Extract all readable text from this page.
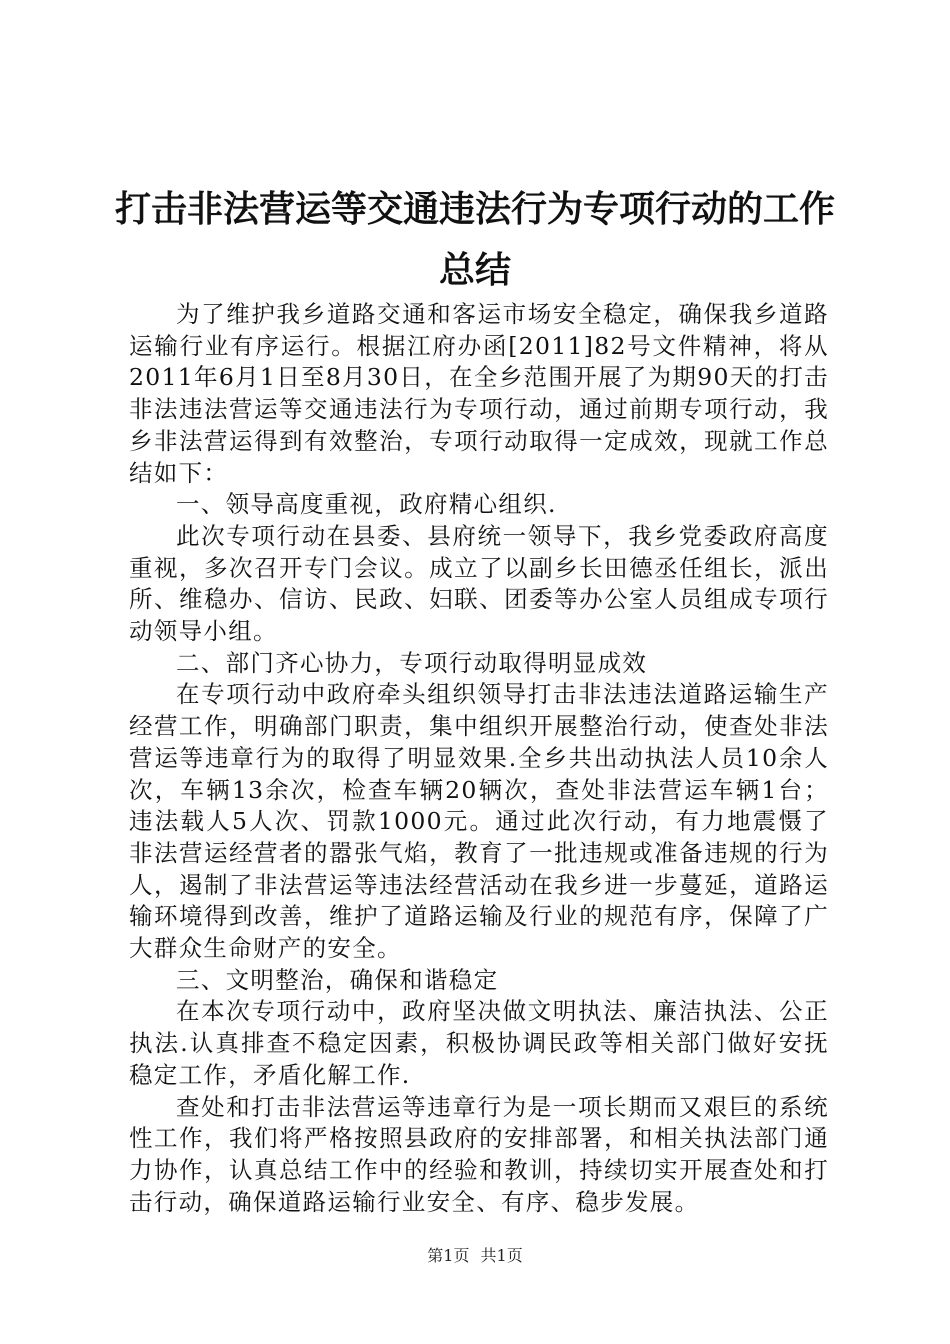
打击非法营运等交通违法行为专项行动的工作
总结

为了维护我乡道路交通和客运市场安全稳定，确保我乡道路运输行业有序运行。根据江府办函[2011]82号文件精神，将从2011年6月1日至8月30日，在全乡范围开展了为期90天的打击非法违法营运等交通违法行为专项行动，通过前期专项行动，我乡非法营运得到有效整治，专项行动取得一定成效，现就工作总结如下：

一、领导高度重视，政府精心组织.

此次专项行动在县委、县府统一领导下，我乡党委政府高度重视，多次召开专门会议。成立了以副乡长田德丞任组长，派出所、维稳办、信访、民政、妇联、团委等办公室人员组成专项行动领导小组。

二、部门齐心协力，专项行动取得明显成效

在专项行动中政府牵头组织领导打击非法违法道路运输生产经营工作，明确部门职责，集中组织开展整治行动，使查处非法营运等违章行为的取得了明显效果.全乡共出动执法人员10余人次，车辆13余次，检查车辆20辆次，查处非法营运车辆1台；违法载人5人次、罚款1000元。通过此次行动，有力地震慑了非法营运经营者的嚣张气焰，教育了一批违规或准备违规的行为人，遏制了非法营运等违法经营活动在我乡进一步蔓延，道路运输环境得到改善，维护了道路运输及行业的规范有序，保障了广大群众生命财产的安全。

三、文明整治，确保和谐稳定

在本次专项行动中，政府坚决做文明执法、廉洁执法、公正执法.认真排查不稳定因素，积极协调民政等相关部门做好安抚稳定工作，矛盾化解工作.

查处和打击非法营运等违章行为是一项长期而又艰巨的系统性工作，我们将严格按照县政府的安排部署，和相关执法部门通力协作，认真总结工作中的经验和教训，持续切实开展查处和打击行动，确保道路运输行业安全、有序、稳步发展。

第1页 共1页
